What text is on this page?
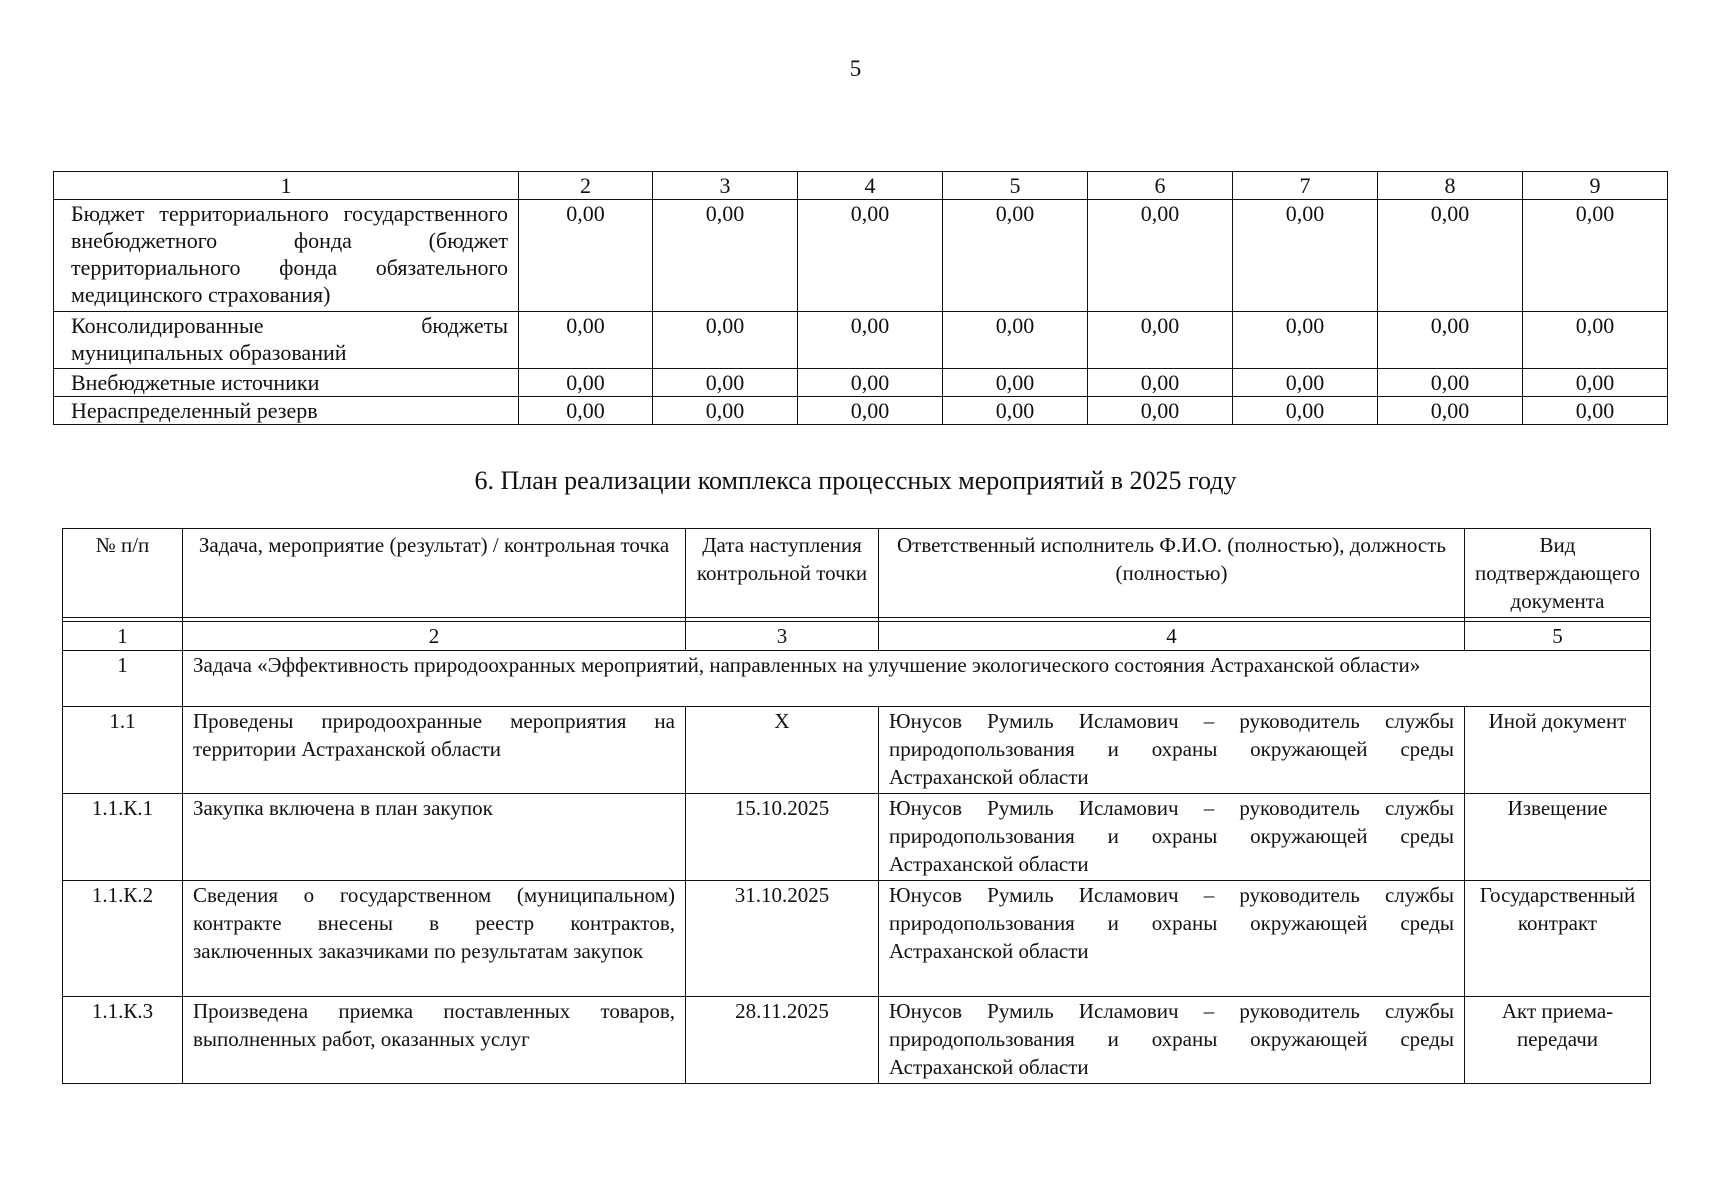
5
1	2	3	4	5	6	7	8	9
Бюджет территориального государственного внебюджетного фонда (бюджет территориального фонда обязательного медицинского страхования)	0,00	0,00	0,00	0,00	0,00	0,00	0,00	0,00
Консолидированные бюджеты муниципальных образований	0,00	0,00	0,00	0,00	0,00	0,00	0,00	0,00
Внебюджетные источники	0,00	0,00	0,00	0,00	0,00	0,00	0,00	0,00
Нераспределенный резерв	0,00	0,00	0,00	0,00	0,00	0,00	0,00	0,00
6. План реализации комплекса процессных мероприятий в 2025 году
№ п/п	Задача, мероприятие (результат) / контрольная точка	Дата наступления контрольной точки	Ответственный исполнитель Ф.И.О. (полностью), должность (полностью)	Вид подтверждающего документа

1	2	3	4	5
1	Задача «Эффективность природоохранных мероприятий, направленных на улучшение экологического состояния Астраханской области»			
1.1	Проведены природоохранные мероприятия на территории Астраханской области	X	Юнусов Румиль Исламович – руководитель службы природопользования и охраны окружающей среды Астраханской области	Иной документ
1.1.К.1	Закупка включена в план закупок	15.10.2025	Юнусов Румиль Исламович – руководитель службы природопользования и охраны окружающей среды Астраханской области	Извещение
1.1.К.2	Сведения о государственном (муниципальном) контракте внесены в реестр контрактов, заключенных заказчиками по результатам закупок	31.10.2025	Юнусов Румиль Исламович – руководитель службы природопользования и охраны окружающей среды Астраханской области	Государственный контракт
1.1.К.3	Произведена приемка поставленных товаров, выполненных работ, оказанных услуг	28.11.2025	Юнусов Румиль Исламович – руководитель службы природопользования и охраны окружающей среды Астраханской области	Акт приема-передачи
